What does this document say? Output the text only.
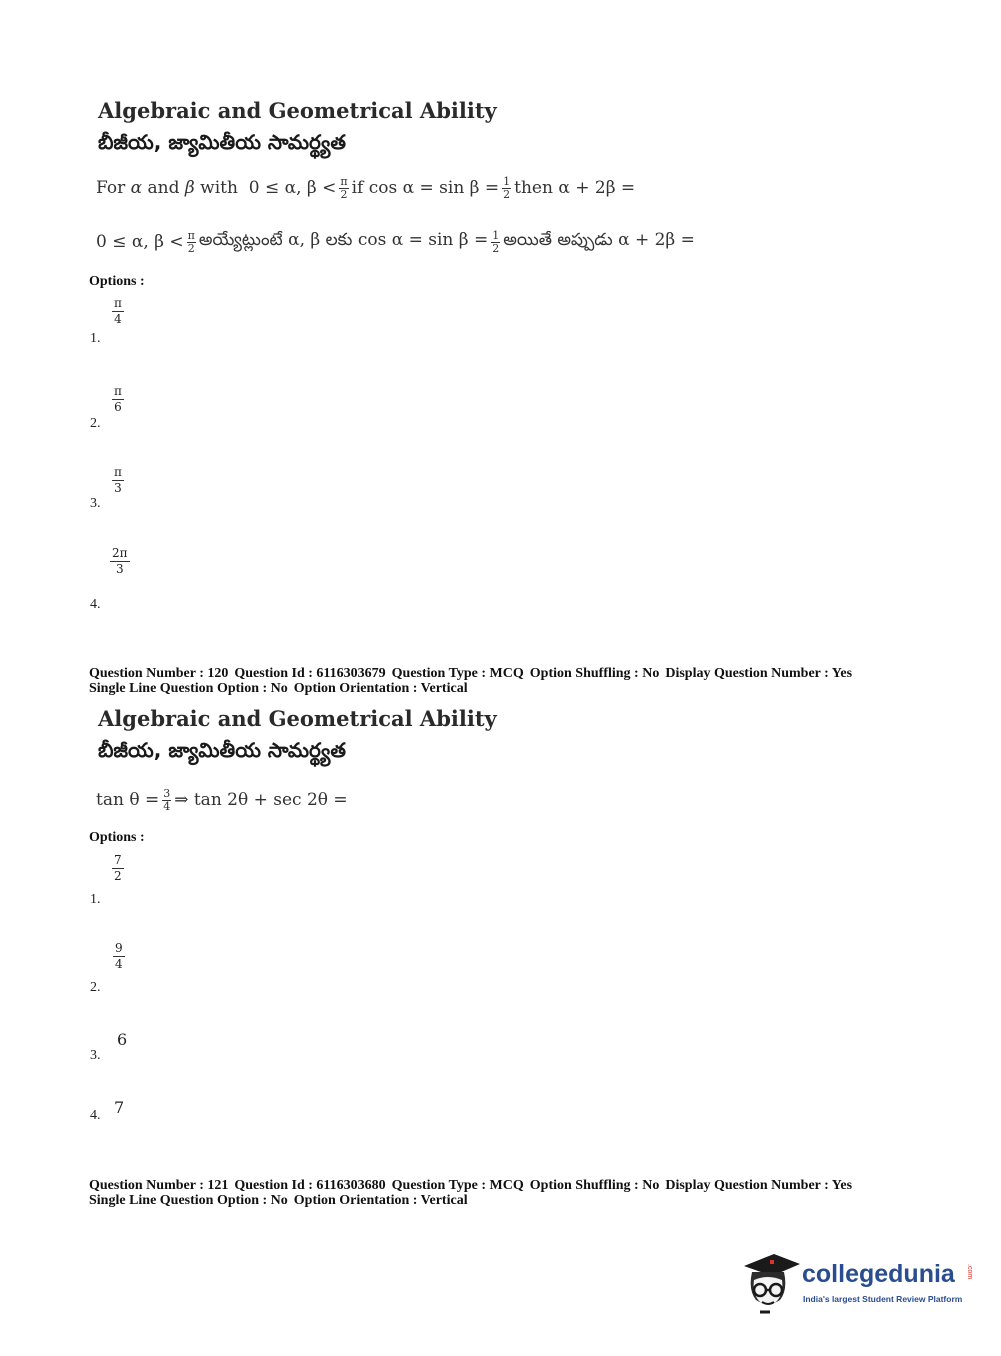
Algebraic and Geometrical Ability
బీజీయ, జ్యామితీయ సామర్థ్యత
For
α
and
β
with
0 ≤ α, $\beta < \frac{\pi}{2}$ if $\cos \alpha = \sin \beta = \frac{1}{2}$ then α + 2β =
0 ≤ α, $\beta < \frac{\pi}{2}$ అయ్యేట్లుంటే α, β లకు $\cos \alpha = \sin \beta = \frac{1}{2}$ అయితే అప్పుడు α + 2β =
Options :
$\frac{\pi}{4}$
1.
$\frac{\pi}{6}$
2.
$\frac{\pi}{3}$
3.
$\frac{2\pi}{3}$
4.
Question Number : 120 Question Id : 6116303679 Question Type : MCQ Option Shuffling : No Display Question Number : Yes
Single Line Question Option : No Option Orientation : Vertical
Algebraic and Geometrical Ability
బీజీయ, జ్యామితీయ సామర్థ్యత
$\tan \theta = \frac{3}{4}$ ⇒ tan 2θ + sec 2θ =
Options :
$\frac{7}{2}$
1.
$\frac{9}{4}$
2.
6
3.
7
4.
Question Number : 121 Question Id : 6116303680 Question Type : MCQ Option Shuffling : No Display Question Number : Yes
Single Line Question Option : No Option Orientation : Vertical
collegedunia .com
India's largest Student Review Platform
